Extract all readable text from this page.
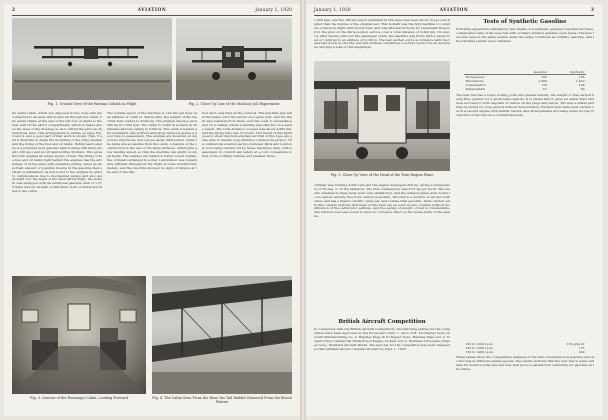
2	AVIATION	January 1, 1920
Fig. 1. Ground View of the Farman Goliath in Flight	Fig. 2. Close-Up Line of the Machine Job Experiment
Its wider cabin, which are disposed in two rows and are connected to an aisle which runs all through the cabin. The aerial visible at the end of the left row of chairs is the rear wall of the pilot's compartment, which is raised above the level of the fuselage so as to afford the pilot an unrestricted view. This arrangement is visible on page Fig. 3 and 4, and a good part of that work is shown. Figs. 5 and 6 illustrate in detail the mounting of the wing engines and the fixing of the fuel and oil tanks. Behind each engine is a pressure feed gasoline tank holding 200 liters (nearly 100 gal.) and an oil tank holding 50 liters. This gives the twin engines an ample supply of fuel. The fixing of the fuel and oil tanks right behind the engines has the advantage of doing away with extensive piping, saves an important amount of possible trouble in the gasoline feed system is eliminated. As fuel is fed to the engines by gravity, complications due to mechanical pumps and also are avoided. For the flight of the West Africa flight, the Goliath was equipped with an additional gasoline tank of 1,375 liters and an oil tank of 200 liters, both of which are fitted to the cabin.
The normal speed of the machine is 120 km per hour at an altitude of 1,000 m. Before this, the weight of the machine fully loaded is 4,500 kg. The engines develop each 260 hp at 1,500 rpm. The climb to 3,000 m is made in 30 minutes and the ceiling is 5,000 m. The cabin is heated and ventilated, and is fitted with large windows giving a good view to passengers. The engines are mounted on steel tube structures, and can be easily dismounted, while the tanks are accessible from the cabin. A feature of the construction is the use of the large surfaces, which give a low landing speed, so that the machine can alight on small fields. The engines are Salmson water-cooled radials, the cylinders arranged in a star. Lubrication was remarkably efficient throughout the flight of some hundred kilometers, and the machine showed no signs of fatigue at the end of the trip.
tion pilot, was then at the controls. The machine was left at Bordeaux until the return of a spare part, and the flight was resumed from there over the coast to Casablanca and on to Dakar, where a landing was effected on a sandy beach. The total distance covered was about 4,800 km, and the flying time was 33 hours. The result of this flight goes to show that twin-engined aircraft of this type are quite able to sustain long-distance commercial service. The commercial aviation service between Paris and London is now being carried out by these machines daily, with passengers in comfort and safety at a cost comparable to that of the ordinary railway and steamer fares.
Fig. 3. Interior of the Passenger Cabin, Looking Forward	Fig. 4. The Cabin Seen From the Rear, the Tail Rudder Removed From the Bench Fixture
January 1, 1920	AVIATION	3
1,000 rpm, and the official output published in this issue has been about 10 per cent higher than the figures of the original test. This Goliath was the first machine to complete a ten-hour flight with its full load, and was afterwards flown by Lieutenant Bossoutrot, the pilot on the Paris-London service, over a total distance of 2,200 km. On Aug. 14, after having removed the passenger cabin, the machine was flown with a useful load of 1,000 kg to an altitude of 5,100 m. The test carried out in accordance with the rules laid down by the FAI, and this altitude constitutes a world's record for an aeroplane carrying a load of this magnitude.
Fig. 5. Close-Up View of the Head of the Twin-Engine Plane
cylinder was running 3,000 rpm and the engine developed 300 hp, giving a temperature of 65 deg. C. in the radiators. The fuel consumption was 0.27 kg per hp-hr. The results obtained in these tests were very satisfactory, and the exhaust gases were found to be almost entirely free from carbon monoxide. The fuel is a mixture of alcohol with ether, and has a higher calorific value per unit volume than gasoline. Tests carried out in this country indicate that fuels of this kind can be used in aero engines without modification of the carburetor settings, and the saving of weight of fuel is considerable. The mixture used was found to have no corrosive effect on the metal parts of the engine.
British Aircraft Competition
In connection with the British Aircraft Competition, the following entries for the competition have been approved by the Royal Aero Club: 1. Airco D.H. 18 (Napier Lion), Aircraft Manufacturing Co. 2. Handley Page W. 8 (Napier Lion), Handley Page Ltd. 3. Vickers Vimy Commercial (Rolls-Royce Eagle), Vickers Ltd. 4. Westland Limousine (Napier Lion), Westland Aircraft Works. The last day for the competition has been changed so that entrants should complete all tests by Sept. 1, 1920.
Tests of Synthetic Gasoline
Following apparently satisfactory test flights of a synthetic gasoline reported last June, comparative tests of the new fuel with ordinary aviation gasoline were made. The new fuel was used in the same engine under the same conditions as ordinary gasoline, and the following results were obtained:
	Gasoline	Synthetic
Horsepower	150	155
Revolutions	1,400	1,420
Consumption	178	168
Temperature	61	60
The new fuel has a lower boiling point and greater density, the weight of fuel carried being thus greater for a given tank capacity. It is stated that it gives an easier start and does not tend to form deposits of carbon on the plugs and valves. The fuel is stable and may be stored for long periods without deterioration. Further tests have been carried out in a second engine with similar results, and arrangements are being made for the production of the fuel on a commercial scale.
130 to 1200 r.p.m.		152 g/hp.hr
145 to 1300 r.p.m.		175
150 to 1400 r.p.m.		200
These tables show the comparative analyses of the fuel consumption at gasoline and alcohol fuel at different engine speeds. The results indicate that the new fuel is quite suitable for aviation purposes and may well prove a satisfactory substitute for gasoline in the future.
